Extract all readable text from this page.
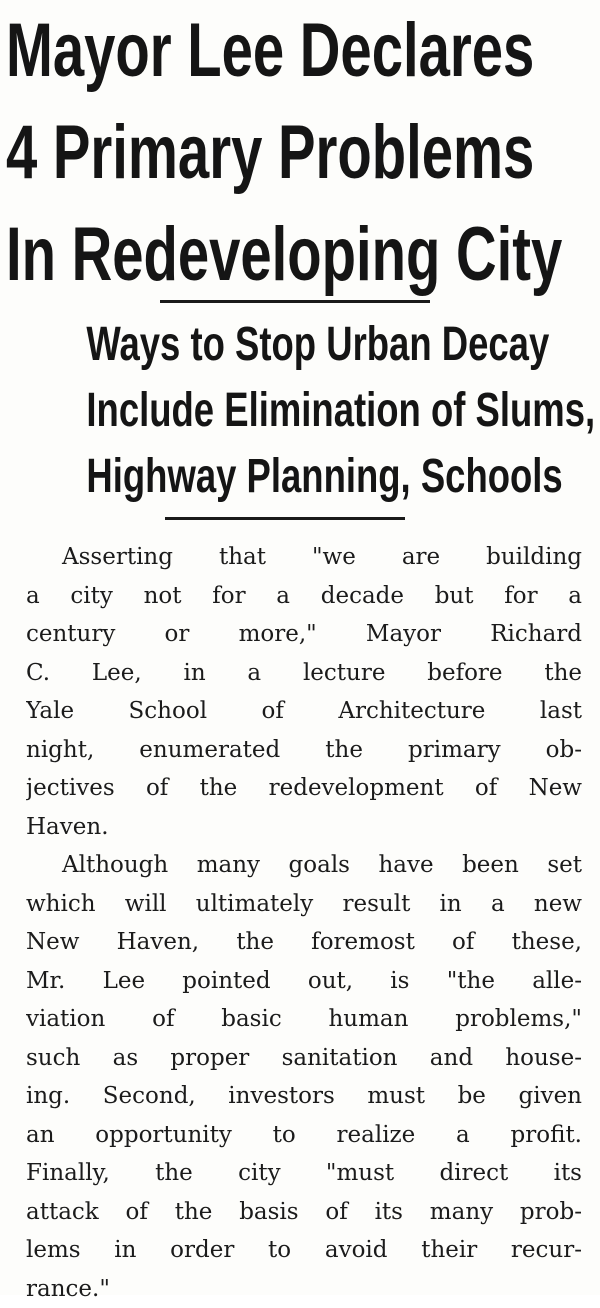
Mayor Lee Declares
4 Primary Problems
In Redeveloping City
Ways to Stop Urban Decay
Include Elimination of Slums,
Highway Planning, Schools
Asserting that "we are building
a city not for a decade but for a
century or more," Mayor Richard
C. Lee, in a lecture before the
Yale School of Architecture last
night, enumerated the primary ob-
jectives of the redevelopment of New
Haven.
Although many goals have been set
which will ultimately result in a new
New Haven, the foremost of these,
Mr. Lee pointed out, is "the alle-
viation of basic human problems,"
such as proper sanitation and house-
ing. Second, investors must be given
an opportunity to realize a profit.
Finally, the city "must direct its
attack of the basis of its many prob-
lems in order to avoid their recur-
rance."
